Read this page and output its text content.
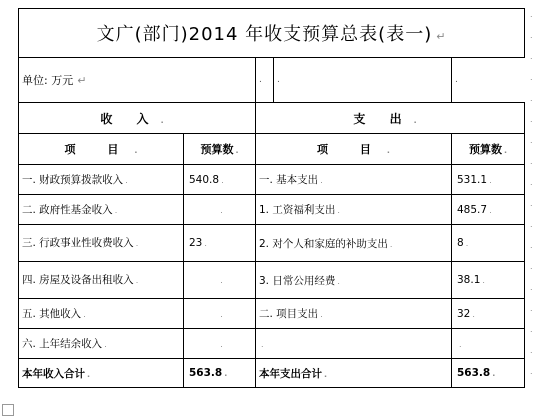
文广(部门)2014 年收支预算总表(表一) ↵				
单位: 万元 ↵		.	.	.
收 入 .		支 出 .		
项 目 .	预算数 .	项 目 .		预算数 .
一. 财政预算拨款收入 .	540.8 .	一. 基本支出 .		531.1 .
二. 政府性基金收入 .	.	1. 工资福利支出 .		485.7 .
三. 行政事业性收费收入 .	23 .	2. 对个人和家庭的补助支出 .		8 .
四. 房屋及设备出租收入 .	.	3. 日常公用经费 .		38.1 .
五. 其他收入 .	.	二. 项目支出 .		32 .
六. 上年结余收入 .	.	.		.
本年收入合计 .	563.8 .	本年支出合计 .		563.8 .
.
.
.
.
.
.
.
.
.
.
.
.
.
.
.
.
.
.
